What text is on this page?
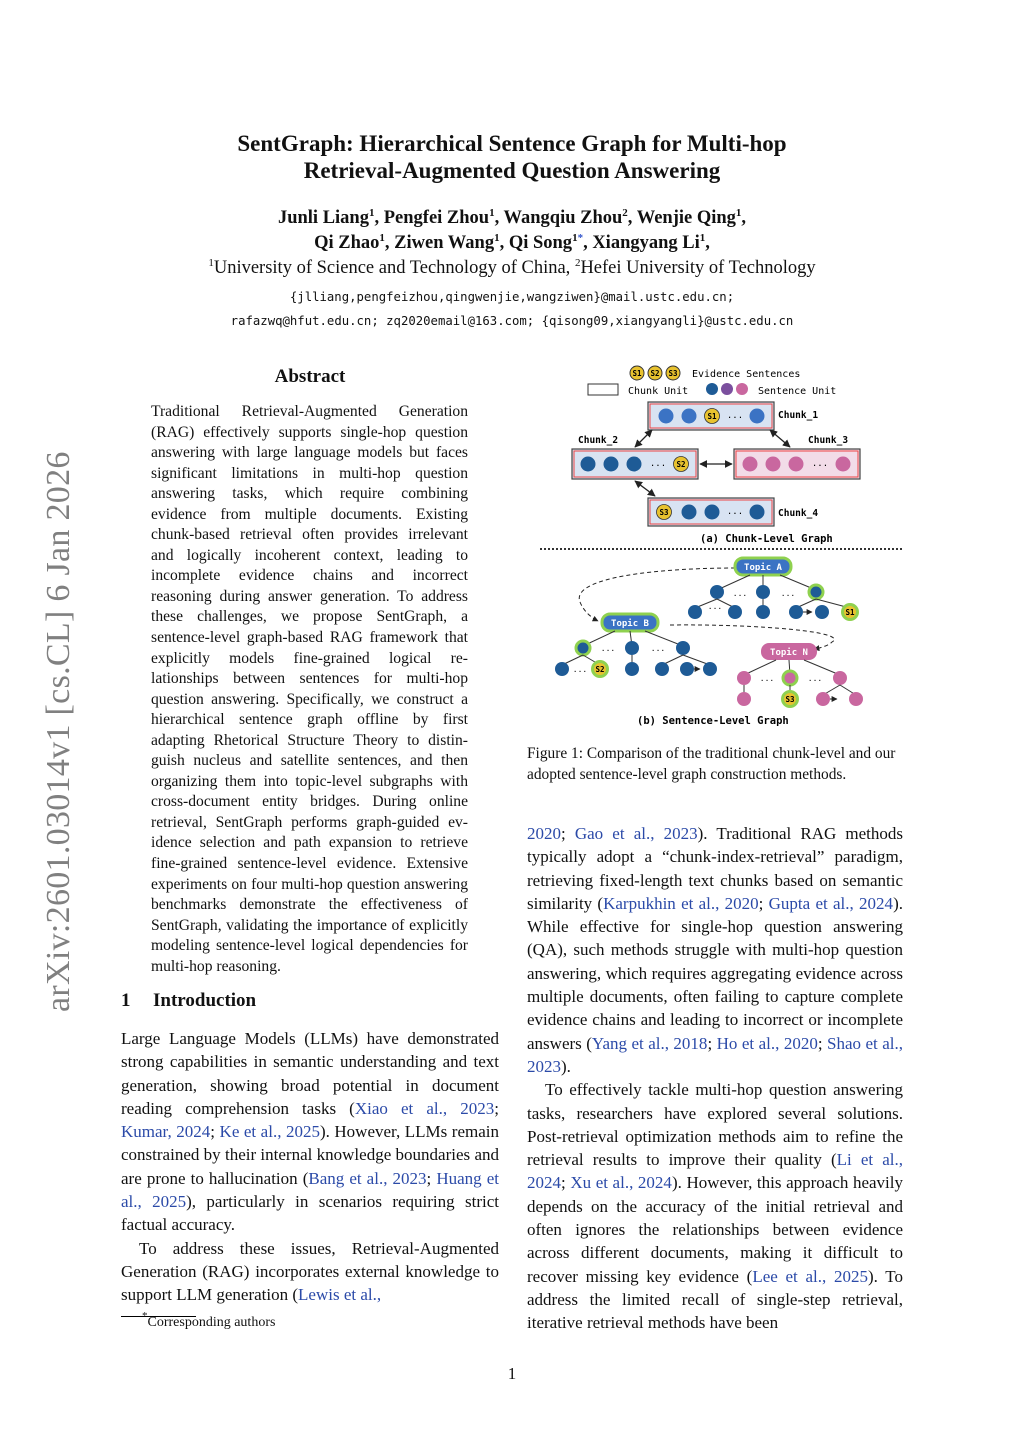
arXiv:2601.03014v1 [cs.CL] 6 Jan 2026
SentGraph: Hierarchical Sentence Graph for Multi-hop
Retrieval-Augmented Question Answering
Junli Liang$^1$, Pengfei Zhou$^1$, Wangqiu Zhou$^2$, Wenjie Qing$^1$,
Qi Zhao$^1$, Ziwen Wang$^1$, Qi Song$^{1*}$, Xiangyang Li$^1$,
$^1$University of Science and Technology of China, $^2$Hefei University of Technology
{jlliang,pengfeizhou,qingwenjie,wangziwen}@mail.ustc.edu.cn;
rafazwq@hfut.edu.cn; zq2020email@163.com; {qisong09,xiangyangli}@ustc.edu.cn
Abstract
Traditional Retrieval-Augmented Generation (RAG) effectively supports single-hop question answering with large language models but faces significant limitations in multi-hop question answering tasks, which require combining evidence from multiple documents. Existing chunk-based retrieval often provides irrelevant and logically incoherent context, leading to incomplete evidence chains and incorrect reasoning during answer generation. To address these challenges, we propose SentGraph, a sentence-level graph-based RAG framework that explicitly models fine-grained logical relationships between sentences for multi-hop question answering. Specifically, we construct a hierarchical sentence graph offline by first adapting Rhetorical Structure Theory to distinguish nucleus and satellite sentences, and then organizing them into topic-level subgraphs with cross-document entity bridges. During online retrieval, SentGraph performs graph-guided evidence selection and path expansion to retrieve fine-grained sentence-level evidence. Extensive experiments on four multi-hop question answering benchmarks demonstrate the effectiveness of SentGraph, validating the importance of explicitly modeling sentence-level logical dependencies for multi-hop reasoning.
1 Introduction

Large Language Models (LLMs) have demonstrated strong capabilities in semantic understanding and text generation, showing broad potential in document reading comprehension tasks (Xiao et al., 2023; Kumar, 2024; Ke et al., 2025). However, LLMs remain constrained by their internal knowledge boundaries and are prone to hallucination (Bang et al., 2023; Huang et al., 2025), particularly in scenarios requiring strict factual accuracy.

To address these issues, Retrieval-Augmented Generation (RAG) incorporates external knowledge to support LLM generation (Lewis et al.,

*Corresponding authors
S1 S2 S3 Evidence Sentences
Chunk Unit	Sentence Unit
S1 ...	Chunk_1
Chunk_2
... S2
Chunk_3
...
S3	...	Chunk_4
(a) Chunk-Level Graph
Topic A
...	...
S1
...
Topic B
...	...
S2
...
Topic N
...	...
S3
(b) Sentence-Level Graph
Figure 1: Comparison of the traditional chunk-level and our adopted sentence-level graph construction methods.

2020; Gao et al., 2023). Traditional RAG methods typically adopt a “chunk-index-retrieval” paradigm, retrieving fixed-length text chunks based on semantic similarity (Karpukhin et al., 2020; Gupta et al., 2024). While effective for single-hop question answering (QA), such methods struggle with multi-hop question answering, which requires aggregating evidence across multiple documents, often failing to capture complete evidence chains and leading to incorrect or incomplete answers (Yang et al., 2018; Ho et al., 2020; Shao et al., 2023).

To effectively tackle multi-hop question answering tasks, researchers have explored several solutions. Post-retrieval optimization methods aim to refine the retrieval results to improve their quality (Li et al., 2024; Xu et al., 2024). However, this approach heavily depends on the accuracy of the initial retrieval and often ignores the relationships between evidence across different documents, making it difficult to recover missing key evidence (Lee et al., 2025). To address the limited recall of single-step retrieval, iterative retrieval methods have been

1
